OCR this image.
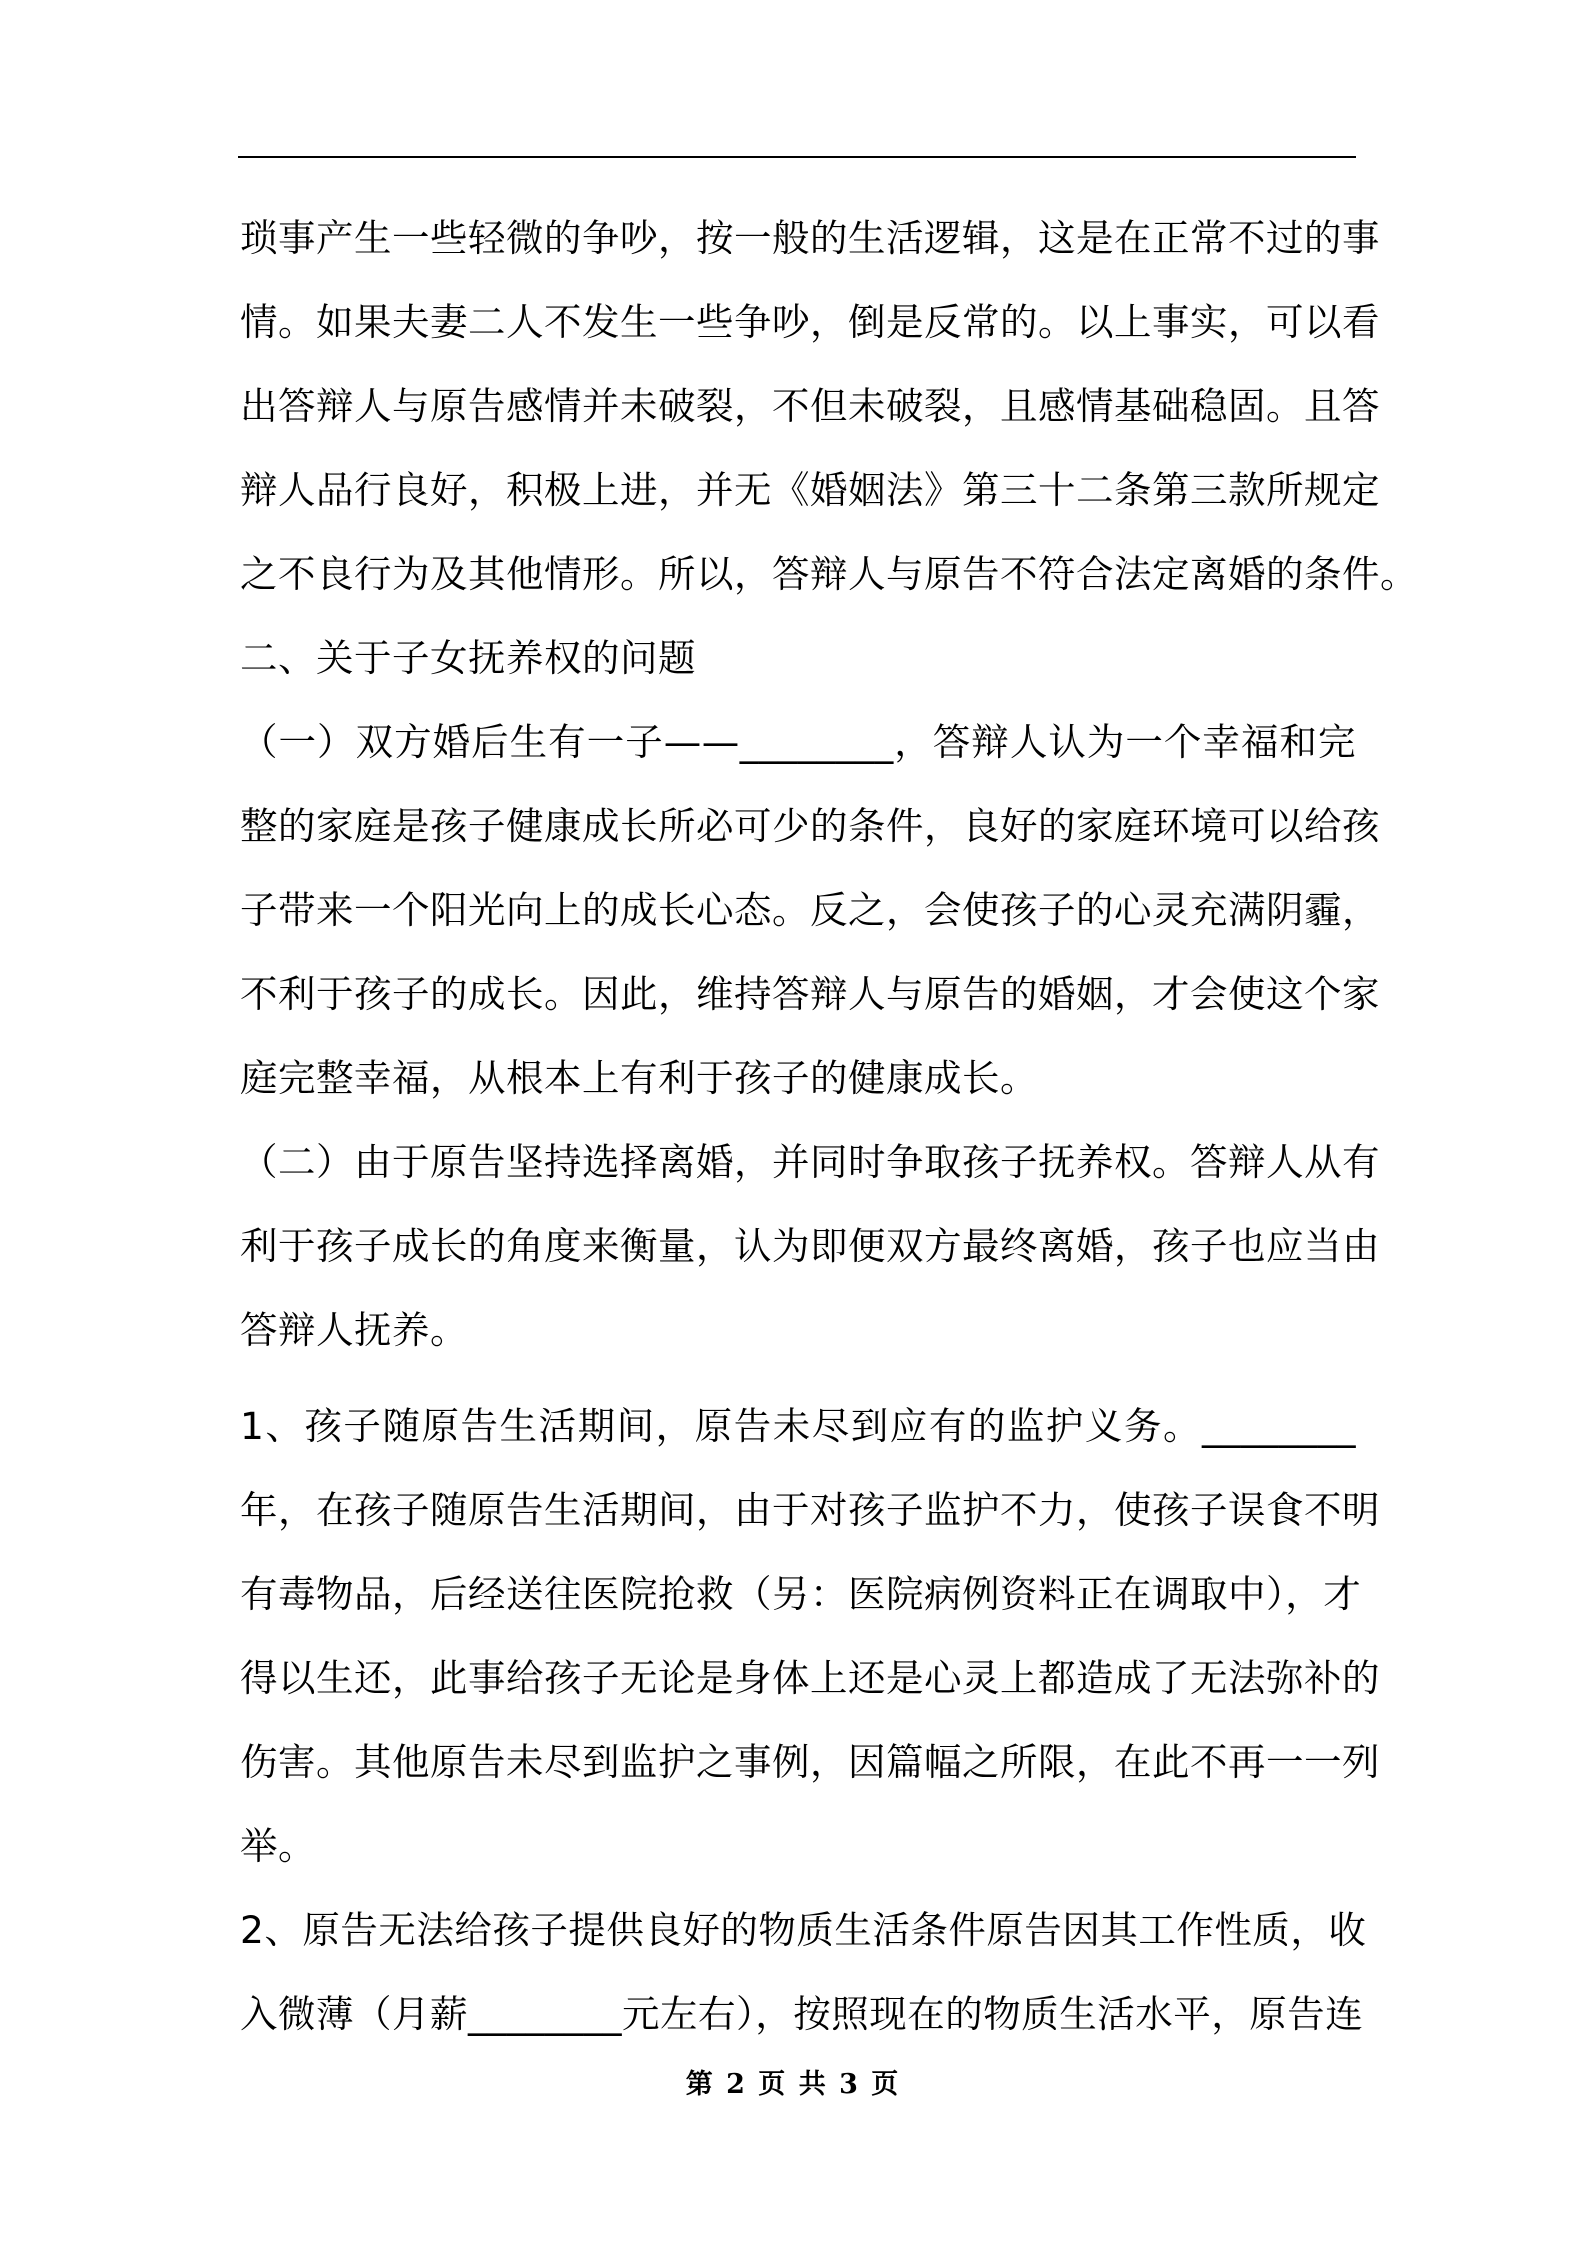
琐事产生一些轻微的争吵，按一般的生活逻辑，这是在正常不过的事
情。如果夫妻二人不发生一些争吵，倒是反常的。以上事实，可以看
出答辩人与原告感情并未破裂，不但未破裂，且感情基础稳固。且答
辩人品行良好，积极上进，并无《婚姻法》第三十二条第三款所规定
之不良行为及其他情形。所以，答辩人与原告不符合法定离婚的条件。
二、关于子女抚养权的问题
（一）双方婚后生有一子——________，答辩人认为一个幸福和完
整的家庭是孩子健康成长所必可少的条件，良好的家庭环境可以给孩
子带来一个阳光向上的成长心态。反之，会使孩子的心灵充满阴霾，
不利于孩子的成长。因此，维持答辩人与原告的婚姻，才会使这个家
庭完整幸福，从根本上有利于孩子的健康成长。
（二）由于原告坚持选择离婚，并同时争取孩子抚养权。答辩人从有
利于孩子成长的角度来衡量，认为即便双方最终离婚，孩子也应当由
答辩人抚养。
1、孩子随原告生活期间，原告未尽到应有的监护义务。________
年，在孩子随原告生活期间，由于对孩子监护不力，使孩子误食不明
有毒物品，后经送往医院抢救（另：医院病例资料正在调取中），才
得以生还，此事给孩子无论是身体上还是心灵上都造成了无法弥补的
伤害。其他原告未尽到监护之事例，因篇幅之所限，在此不再一一列
举。
2、原告无法给孩子提供良好的物质生活条件原告因其工作性质，收
入微薄（月薪________元左右），按照现在的物质生活水平，原告连
第 2 页 共 3 页
